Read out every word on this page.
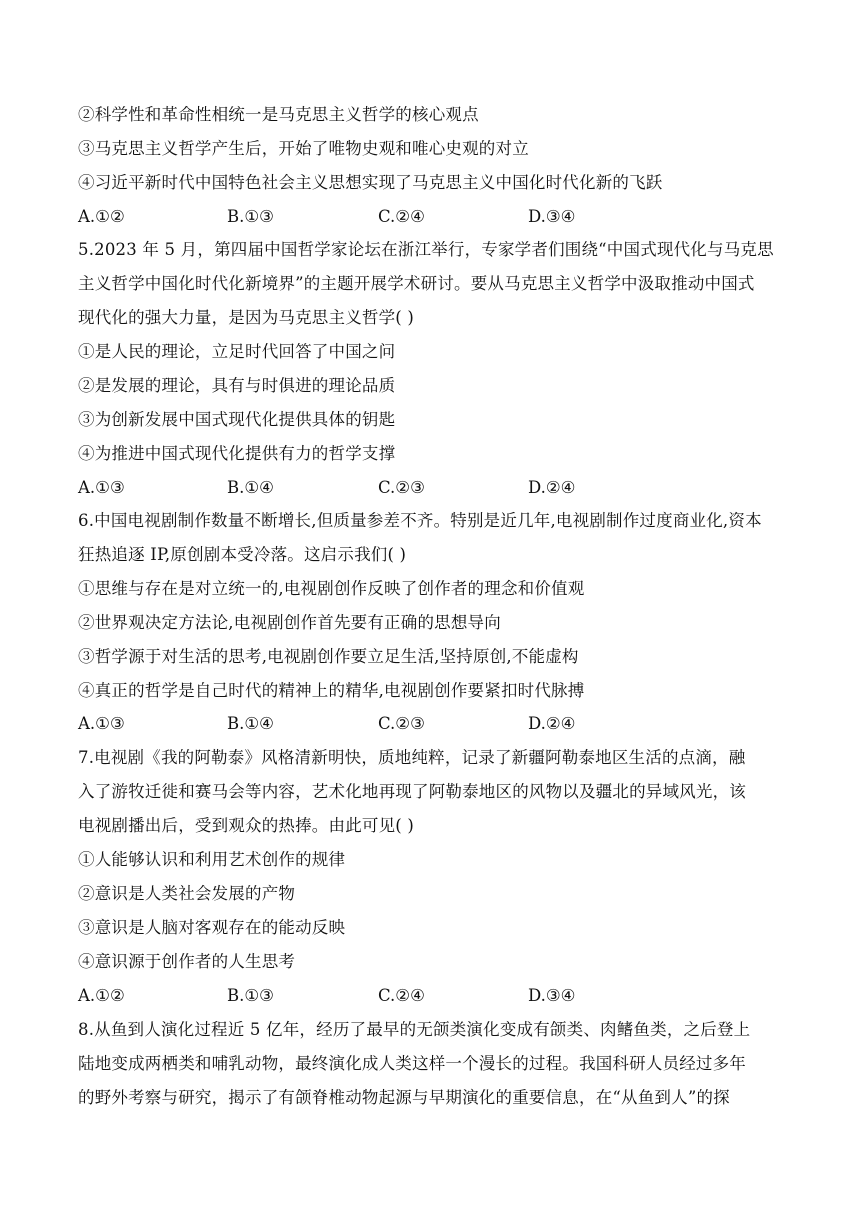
②科学性和革命性相统一是马克思主义哲学的核心观点
③马克思主义哲学产生后，开始了唯物史观和唯心史观的对立
④习近平新时代中国特色社会主义思想实现了马克思主义中国化时代化新的飞跃
A.①②	B.①③	C.②④	D.③④
5.2023 年 5 月，第四届中国哲学家论坛在浙江举行，专家学者们围绕“中国式现代化与马克思
主义哲学中国化时代化新境界”的主题开展学术研讨。要从马克思主义哲学中汲取推动中国式
现代化的强大力量，是因为马克思主义哲学( )
①是人民的理论，立足时代回答了中国之问
②是发展的理论，具有与时俱进的理论品质
③为创新发展中国式现代化提供具体的钥匙
④为推进中国式现代化提供有力的哲学支撑
A.①③	B.①④	C.②③	D.②④
6.中国电视剧制作数量不断增长,但质量参差不齐。特别是近几年,电视剧制作过度商业化,资本
狂热追逐 IP,原创剧本受冷落。这启示我们( )
①思维与存在是对立统一的,电视剧创作反映了创作者的理念和价值观
②世界观决定方法论,电视剧创作首先要有正确的思想导向
③哲学源于对生活的思考,电视剧创作要立足生活,坚持原创,不能虚构
④真正的哲学是自己时代的精神上的精华,电视剧创作要紧扣时代脉搏
A.①③	B.①④	C.②③	D.②④
7.电视剧《我的阿勒泰》风格清新明快，质地纯粹，记录了新疆阿勒泰地区生活的点滴，融
入了游牧迁徙和赛马会等内容，艺术化地再现了阿勒泰地区的风物以及疆北的异域风光，该
电视剧播出后，受到观众的热捧。由此可见( )
①人能够认识和利用艺术创作的规律
②意识是人类社会发展的产物
③意识是人脑对客观存在的能动反映
④意识源于创作者的人生思考
A.①②	B.①③	C.②④	D.③④
8.从鱼到人演化过程近 5 亿年，经历了最早的无颌类演化变成有颌类、肉鳍鱼类，之后登上
陆地变成两栖类和哺乳动物，最终演化成人类这样一个漫长的过程。我国科研人员经过多年
的野外考察与研究，揭示了有颌脊椎动物起源与早期演化的重要信息，在“从鱼到人”的探
